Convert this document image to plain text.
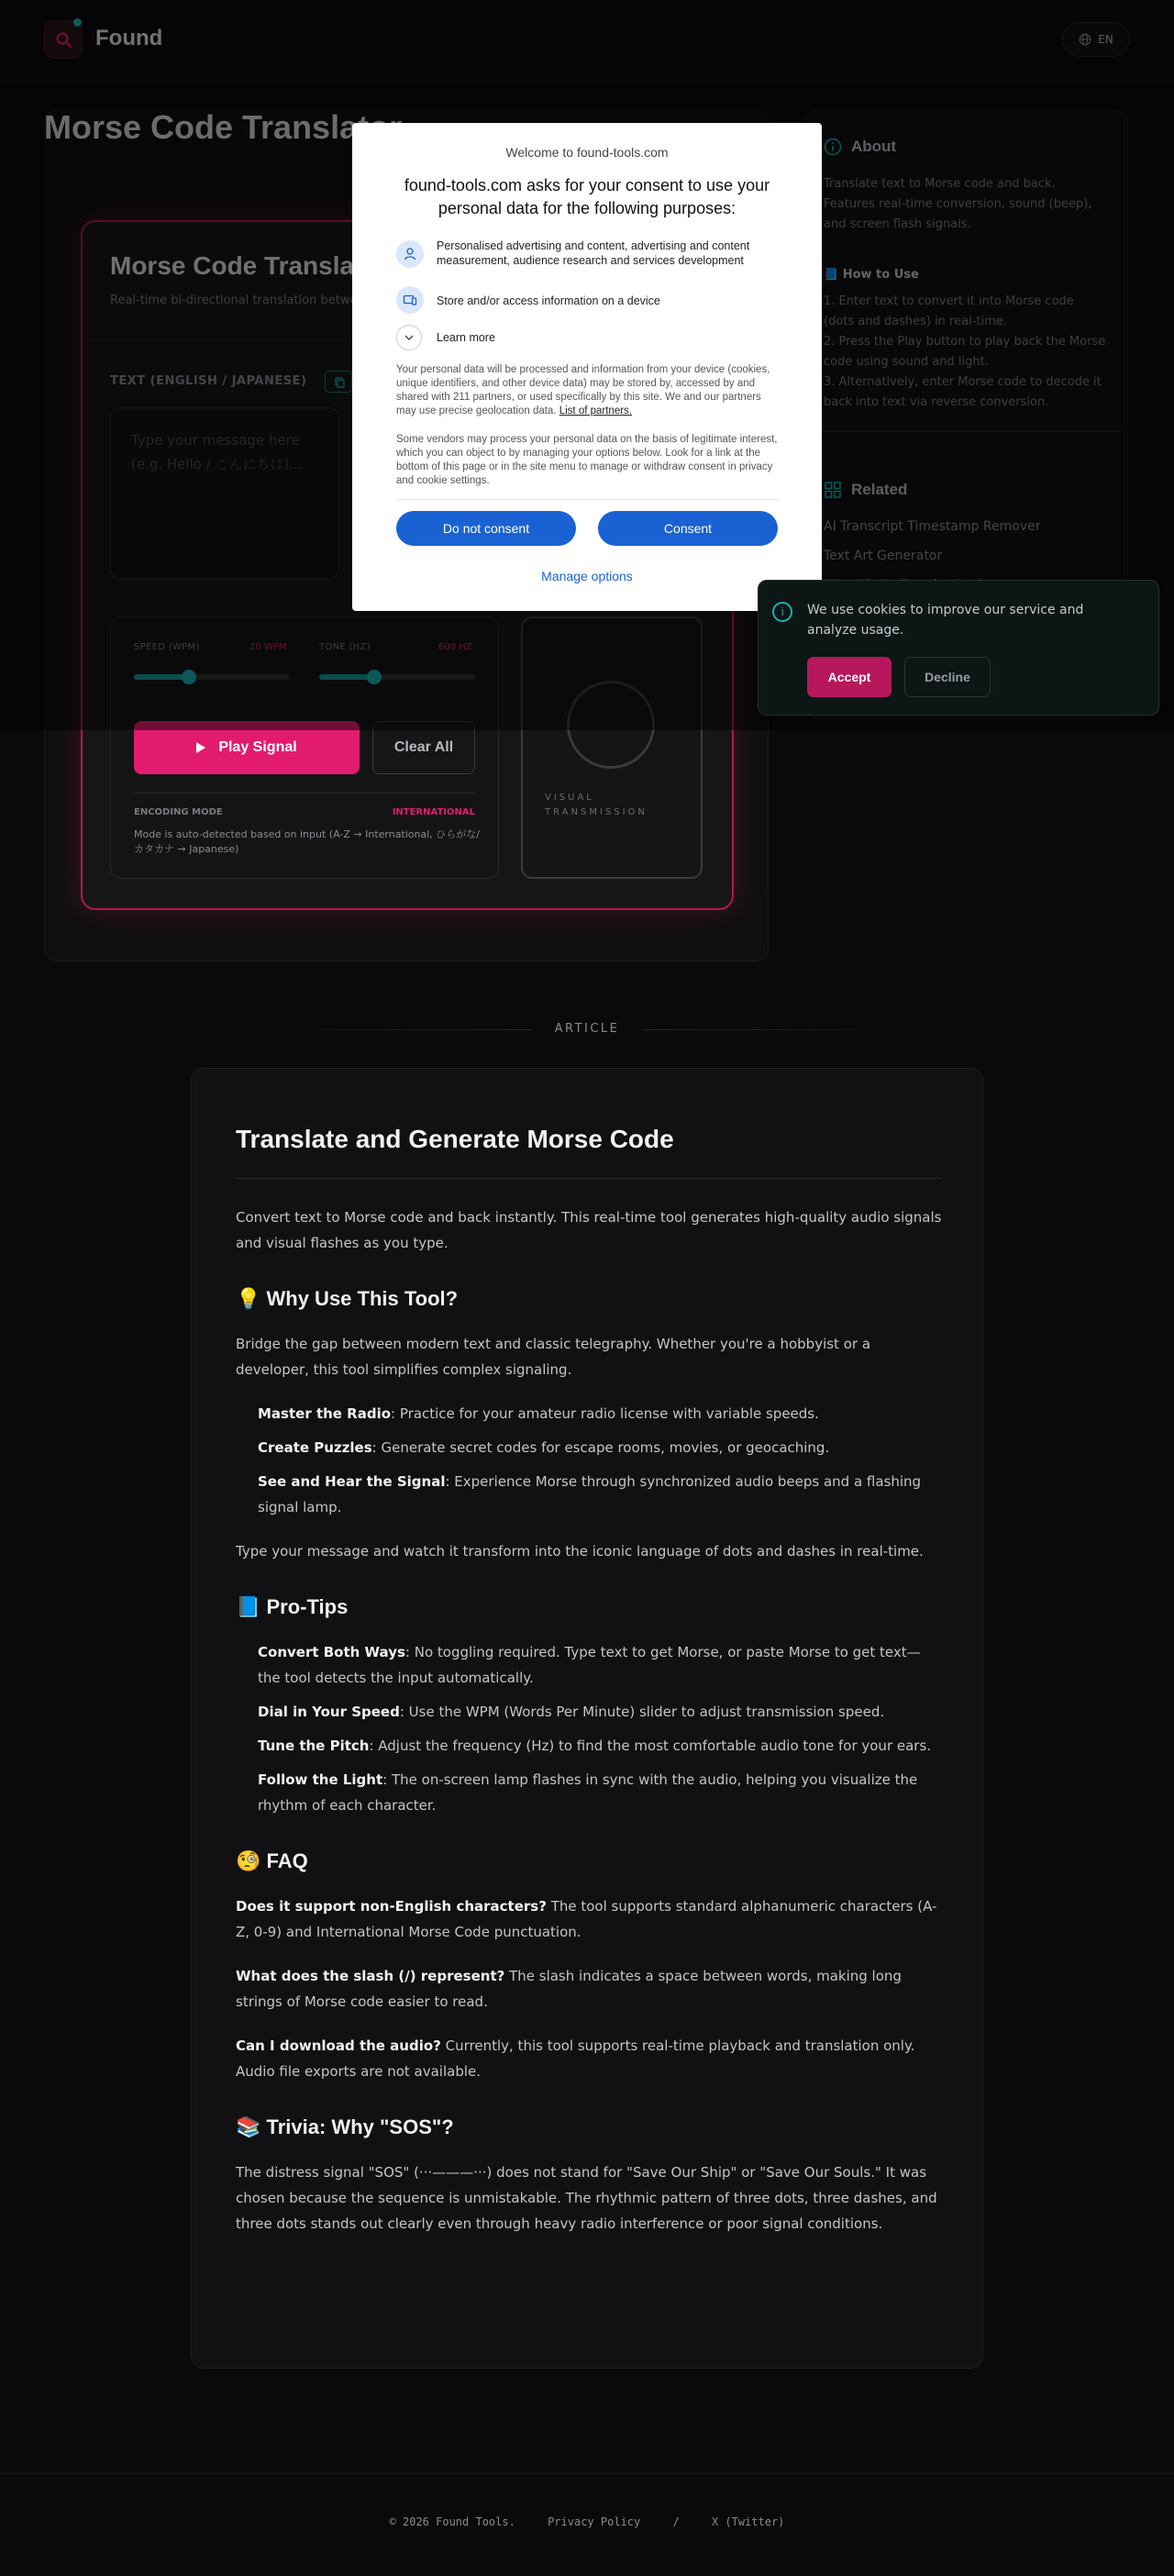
Play Signal	Clear All
ENCODING MODE	INTERNATIONAL
Mode is auto-detected based on input (A-Z → International, ひらがな/カタカナ → Japanese)
VISUAL TRANSMISSION
Welcome to found-tools.com
found-tools.com asks for your consent to use your personal data for the following purposes:
Personalised advertising and content, advertising and content measurement, audience research and services development
Store and/or access information on a device
Learn more
Your personal data will be processed and information from your device (cookies, unique identifiers, and other device data) may be stored by, accessed by and shared with 211 partners, or used specifically by this site. We and our partners may use precise geolocation data. List of partners.
Some vendors may process your personal data on the basis of legitimate interest, which you can object to by managing your options below. Look for a link at the bottom of this page or in the site menu to manage or withdraw consent in privacy and cookie settings.
Do not consent	Consent
Manage options
i	We use cookies to improve our service and analyze usage.
Accept	Decline
ARTICLE
Translate and Generate Morse Code

Convert text to Morse code and back instantly. This real-time tool generates high-quality audio signals and visual flashes as you type.

💡 Why Use This Tool?

Bridge the gap between modern text and classic telegraphy. Whether you're a hobbyist or a developer, this tool simplifies complex signaling.

Master the Radio: Practice for your amateur radio license with variable speeds.
Create Puzzles: Generate secret codes for escape rooms, movies, or geocaching.
See and Hear the Signal: Experience Morse through synchronized audio beeps and a flashing signal lamp.

Type your message and watch it transform into the iconic language of dots and dashes in real-time.

📘 Pro-Tips
Convert Both Ways: No toggling required. Type text to get Morse, or paste Morse to get text—the tool detects the input automatically.
Dial in Your Speed: Use the WPM (Words Per Minute) slider to adjust transmission speed.
Tune the Pitch: Adjust the frequency (Hz) to find the most comfortable audio tone for your ears.
Follow the Light: The on-screen lamp flashes in sync with the audio, helping you visualize the rhythm of each character.
🧐 FAQ

Does it support non-English characters? The tool supports standard alphanumeric characters (A-Z, 0-9) and International Morse Code punctuation.

What does the slash (/) represent? The slash indicates a space between words, making long strings of Morse code easier to read.

Can I download the audio? Currently, this tool supports real-time playback and translation only. Audio file exports are not available.

📚 Trivia: Why "SOS"?

The distress signal "SOS" (···———···) does not stand for "Save Our Ship" or "Save Our Souls." It was chosen because the sequence is unmistakable. The rhythmic pattern of three dots, three dashes, and three dots stands out clearly even through heavy radio interference or poor signal conditions.

© 2026 Found Tools.	Privacy Policy	/	X (Twitter)
